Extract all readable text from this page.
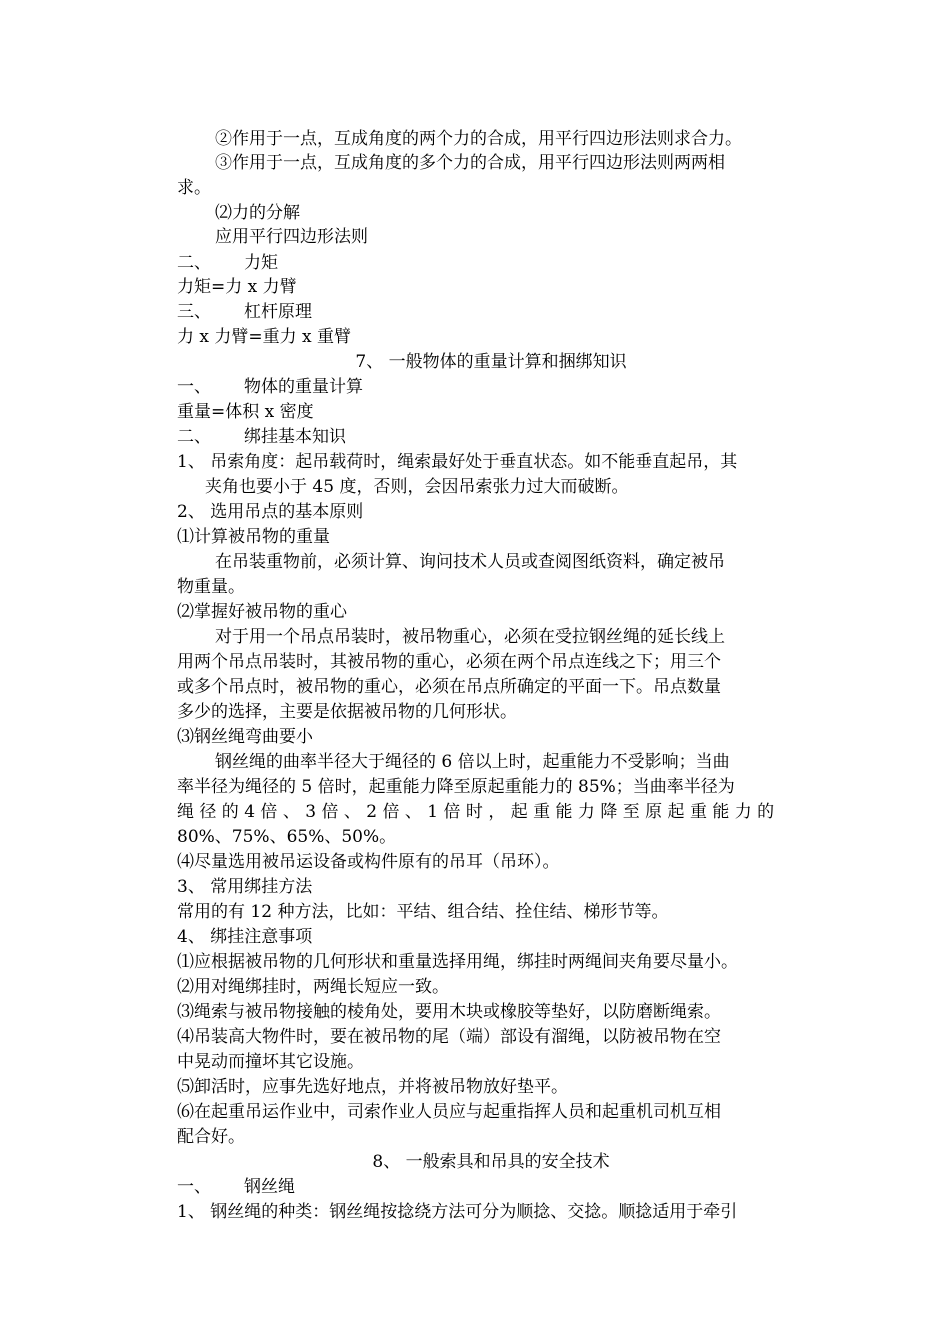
②作用于一点，互成角度的两个力的合成，用平行四边形法则求合力。
③作用于一点，互成角度的多个力的合成，用平行四边形法则两两相
求。
⑵力的分解
应用平行四边形法则
二、 力矩
力矩=力 x 力臂
三、 杠杆原理
力 x 力臂=重力 x 重臂
7、 一般物体的重量计算和捆绑知识
一、 物体的重量计算
重量=体积 x 密度
二、 绑挂基本知识
1、 吊索角度：起吊载荷时，绳索最好处于垂直状态。如不能垂直起吊，其
夹角也要小于 45 度，否则，会因吊索张力过大而破断。
2、 选用吊点的基本原则
⑴计算被吊物的重量
在吊装重物前，必须计算、询问技术人员或查阅图纸资料，确定被吊
物重量。
⑵掌握好被吊物的重心
对于用一个吊点吊装时，被吊物重心，必须在受拉钢丝绳的延长线上
用两个吊点吊装时，其被吊物的重心，必须在两个吊点连线之下；用三个
或多个吊点时，被吊物的重心，必须在吊点所确定的平面一下。吊点数量
多少的选择，主要是依据被吊物的几何形状。
⑶钢丝绳弯曲要小
钢丝绳的曲率半径大于绳径的 6 倍以上时，起重能力不受影响；当曲
率半径为绳径的 5 倍时，起重能力降至原起重能力的 85%；当曲率半径为
绳 径 的 4 倍 、 3 倍 、 2 倍 、 1 倍 时 ， 起 重 能 力 降 至 原 起 重 能 力 的
80%、75%、65%、50%。
⑷尽量选用被吊运设备或构件原有的吊耳（吊环）。
3、 常用绑挂方法
常用的有 12 种方法，比如：平结、组合结、拴住结、梯形节等。
4、 绑挂注意事项
⑴应根据被吊物的几何形状和重量选择用绳，绑挂时两绳间夹角要尽量小。
⑵用对绳绑挂时，两绳长短应一致。
⑶绳索与被吊物接触的棱角处，要用木块或橡胶等垫好，以防磨断绳索。
⑷吊装高大物件时，要在被吊物的尾（端）部设有溜绳，以防被吊物在空
中晃动而撞坏其它设施。
⑸卸活时，应事先选好地点，并将被吊物放好垫平。
⑹在起重吊运作业中，司索作业人员应与起重指挥人员和起重机司机互相
配合好。
8、 一般索具和吊具的安全技术
一、 钢丝绳
1、 钢丝绳的种类：钢丝绳按捻绕方法可分为顺捻、交捻。顺捻适用于牵引
